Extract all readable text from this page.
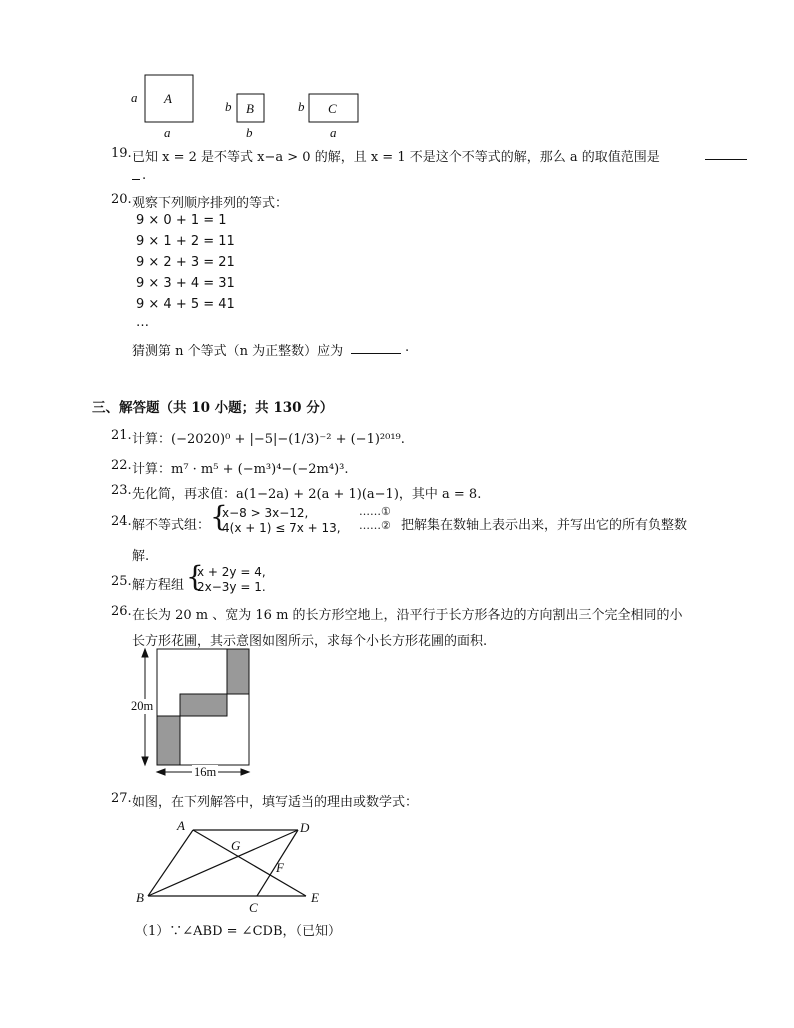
a A
a
b B
b
b C
a
19. 已知 x = 2 是不等式 x−a > 0 的解，且 x = 1 不是这个不等式的解，那么 a 的取值范围是
.
20. 观察下列顺序排列的等式：
9 × 0 + 1 = 1
9 × 1 + 2 = 11
9 × 2 + 3 = 21
9 × 3 + 4 = 31
9 × 4 + 5 = 41
…
猜测第 n 个等式（n 为正整数）应为	.
三、解答题（共 10 小题；共 130 分）
21. 计算：(−2020)⁰ + |−5|−(1/3)⁻² + (−1)²⁰¹⁹.
22. 计算：m⁷ · m⁵ + (−m³)⁴−(−2m⁴)³.
23. 先化简，再求值：a(1−2a) + 2(a + 1)(a−1)，其中 a = 8.
24. 解不等式组： {
x−8 > 3x−12,
4(x + 1) ≤ 7x + 13,
……①
……② 把解集在数轴上表示出来，并写出它的所有负整数
解.
25. 解方程组 {
x + 2y = 4,
2x−3y = 1.
26. 在长为 20 m 、宽为 16 m 的长方形空地上，沿平行于长方形各边的方向割出三个完全相同的小
长方形花圃，其示意图如图所示，求每个小长方形花圃的面积.
20m
16m
27. 如图，在下列解答中，填写适当的理由或数学式：
A	D
G
F
B
C
E
（1）∵∠ABD = ∠CDB，（已知）
